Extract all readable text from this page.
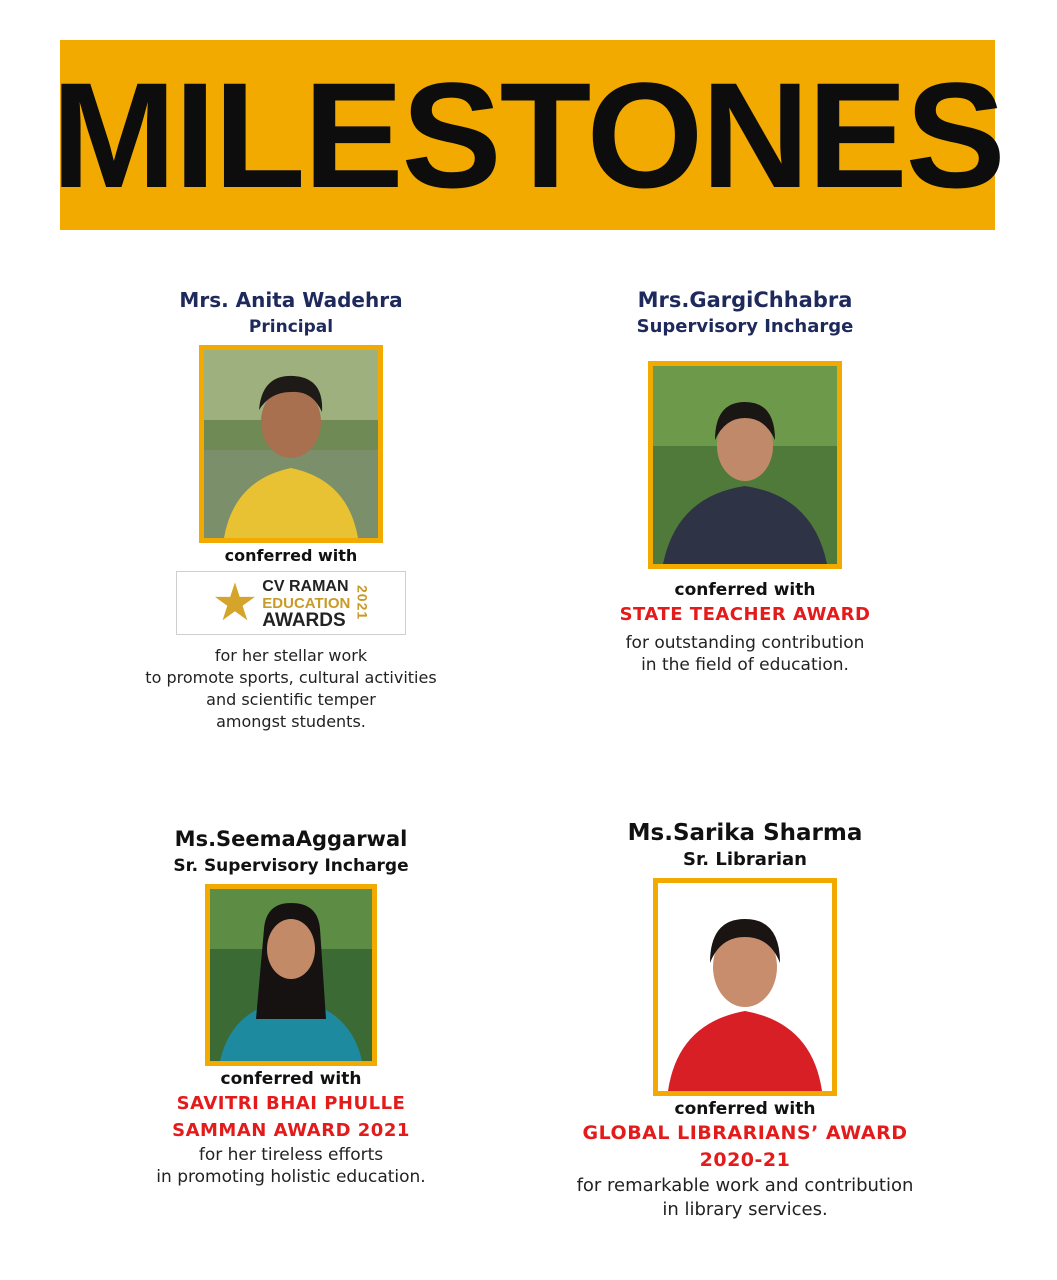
MILESTONES

Mrs. Anita Wadehra

Principal

conferred with

★ CV RAMAN
EDUCATION
AWARDS 2021

for her stellar work
to promote sports, cultural activities
and scientific temper
amongst students.

Mrs.GargiChhabra

Supervisory Incharge

conferred with

STATE TEACHER AWARD

for outstanding contribution
in the field of education.

Ms.SeemaAggarwal

Sr. Supervisory Incharge

conferred with

SAVITRI BHAI PHULLE

SAMMAN AWARD 2021

for her tireless efforts
in promoting holistic education.

Ms.Sarika Sharma

Sr. Librarian

conferred with

GLOBAL LIBRARIANS’ AWARD

2020-21

for remarkable work and contribution
in library services.
